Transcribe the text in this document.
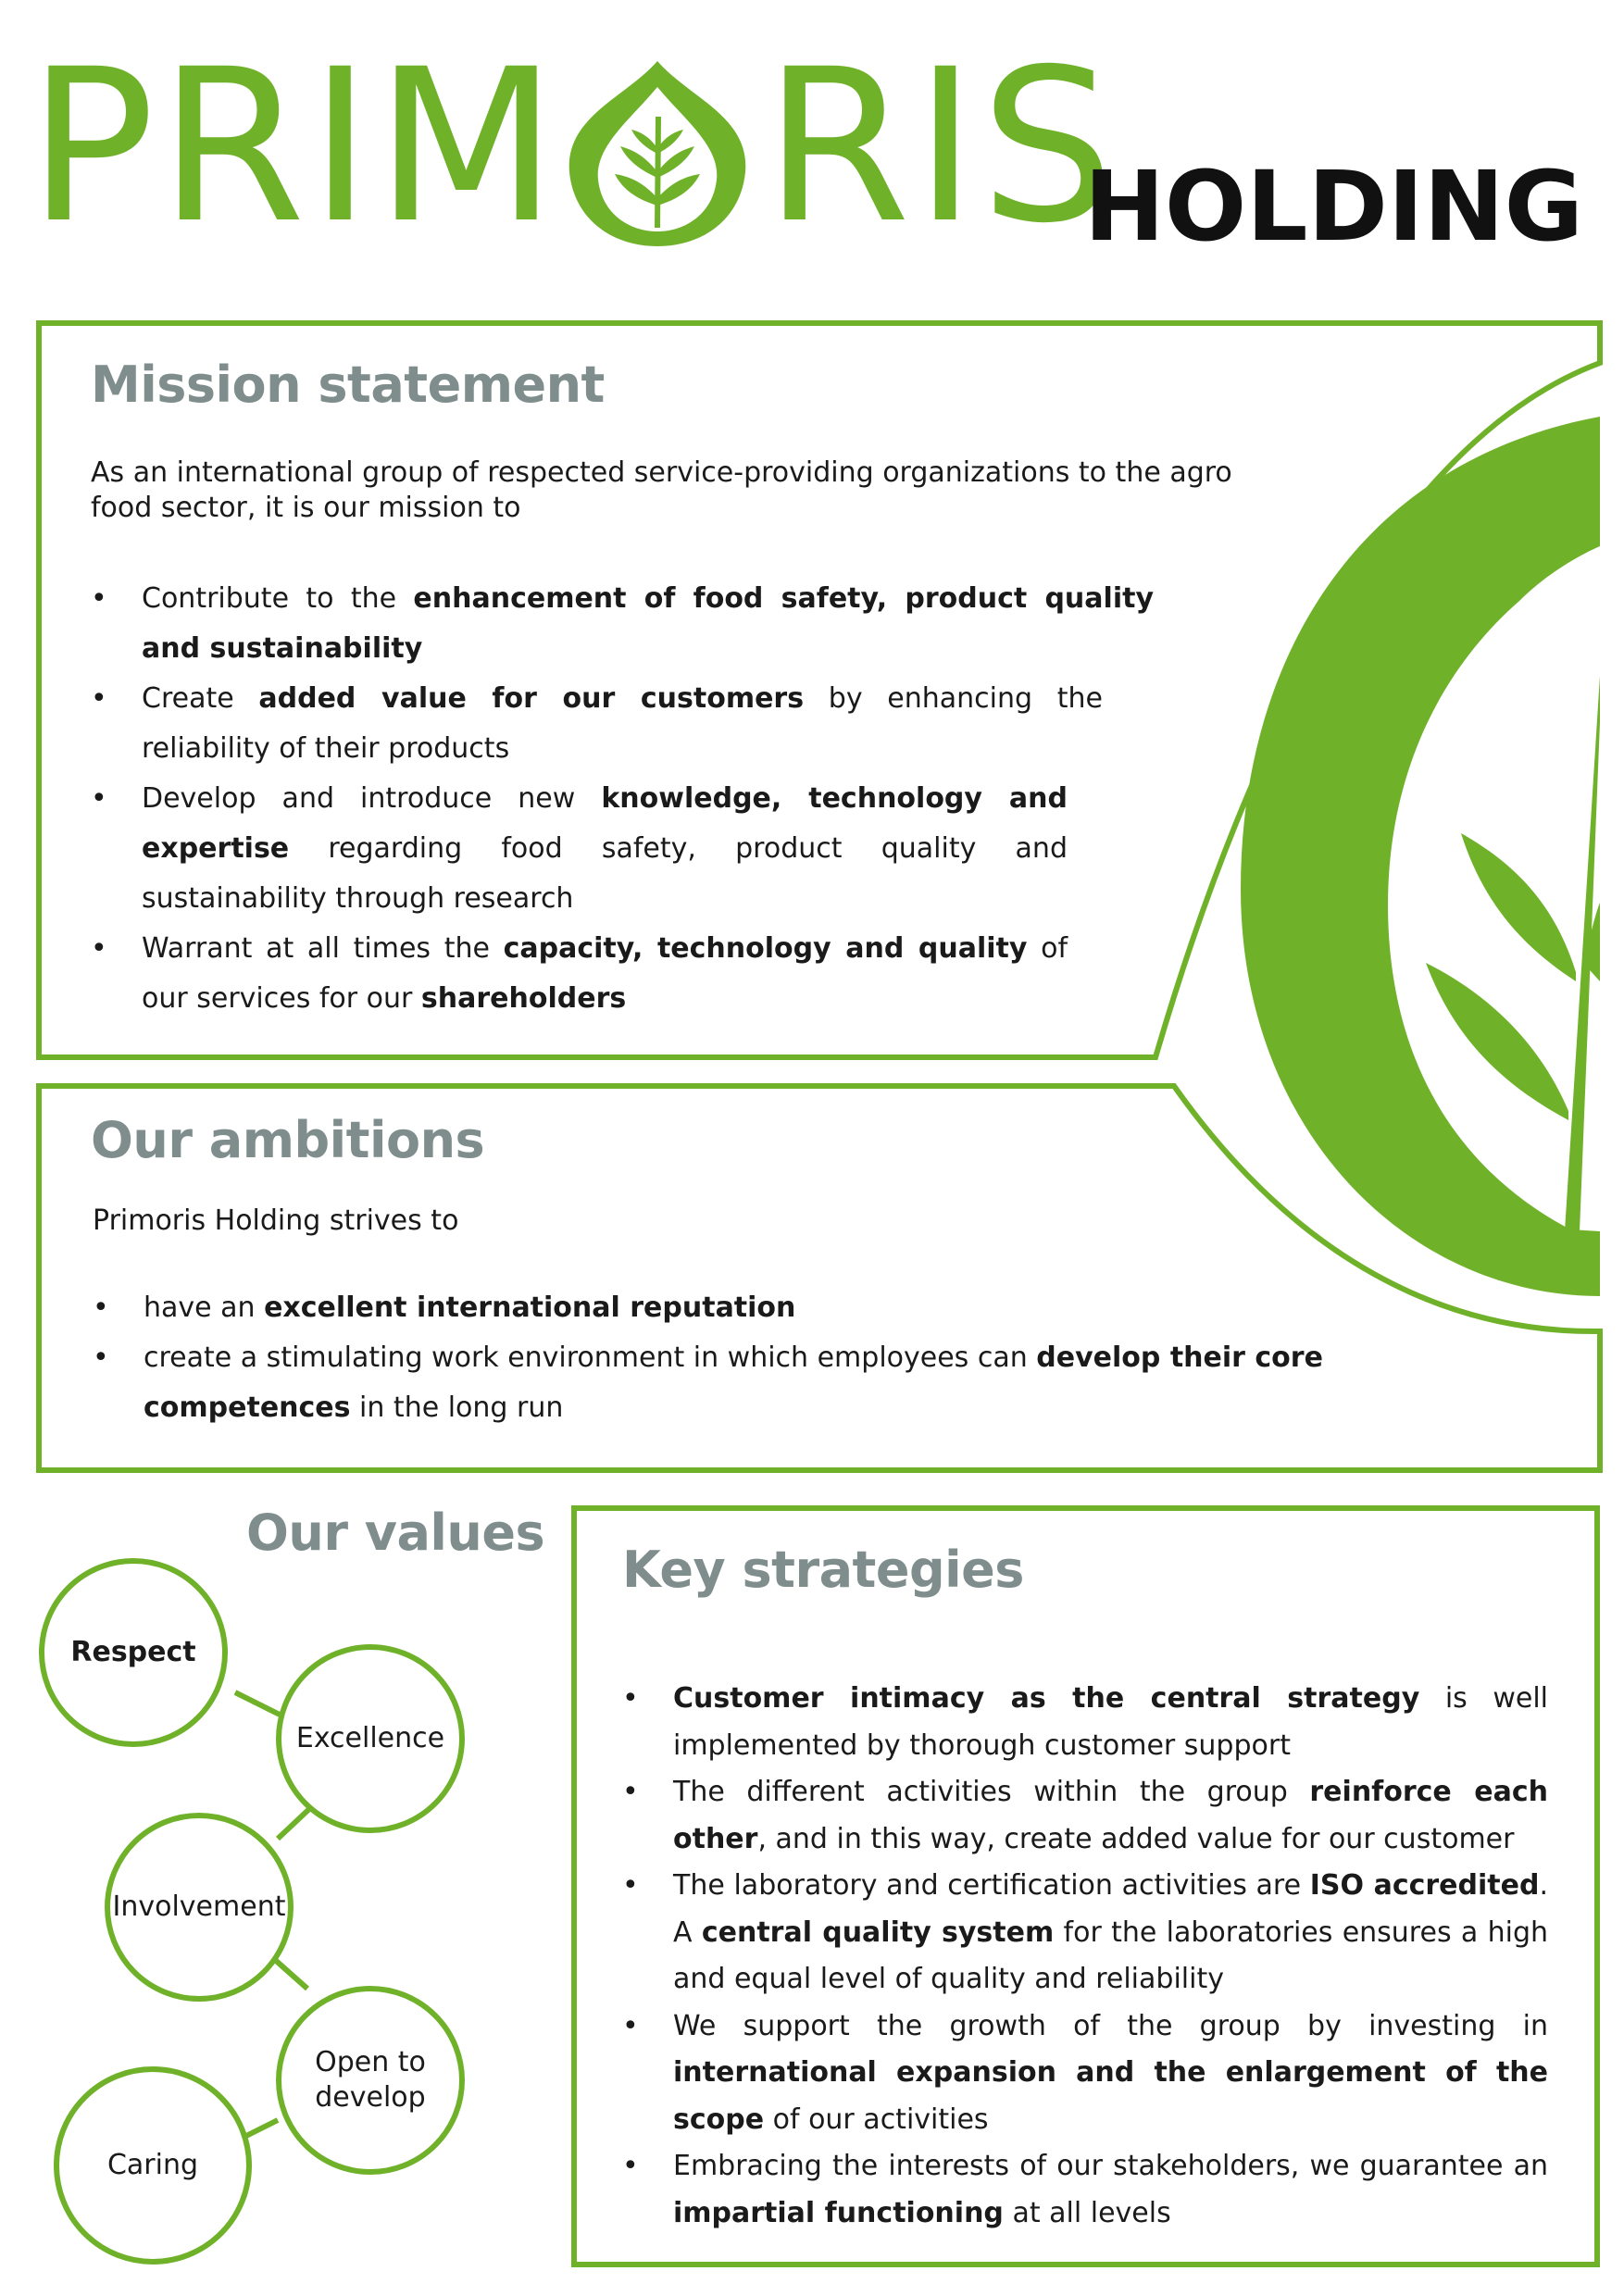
PRIM RIS
HOLDING
Mission statement
As an international group of respected service-providing organizations to the agro food sector, it is our mission to
• Contribute to the enhancement of food safety, product quality and sustainability
• Create added value for our customers by enhancing the reliability of their products
• Develop and introduce new knowledge, technology and expertise regarding food safety, product quality and sustainability through research
• Warrant at all times the capacity, technology and quality of our services for our shareholders
Our ambitions
Primoris Holding strives to
• have an excellent international reputation
• create a stimulating work environment in which employees can develop their core competences in the long run
Our values
Respect
Excellence
Involvement
Open to develop
Caring
Key strategies
• Customer intimacy as the central strategy is well implemented by thorough customer support
• The different activities within the group reinforce each other, and in this way, create added value for our customer
• The laboratory and certification activities are ISO accredited. A central quality system for the laboratories ensures a high and equal level of quality and reliability
• We support the growth of the group by investing in international expansion and the enlargement of the scope of our activities
• Embracing the interests of our stakeholders, we guarantee an impartial functioning at all levels
